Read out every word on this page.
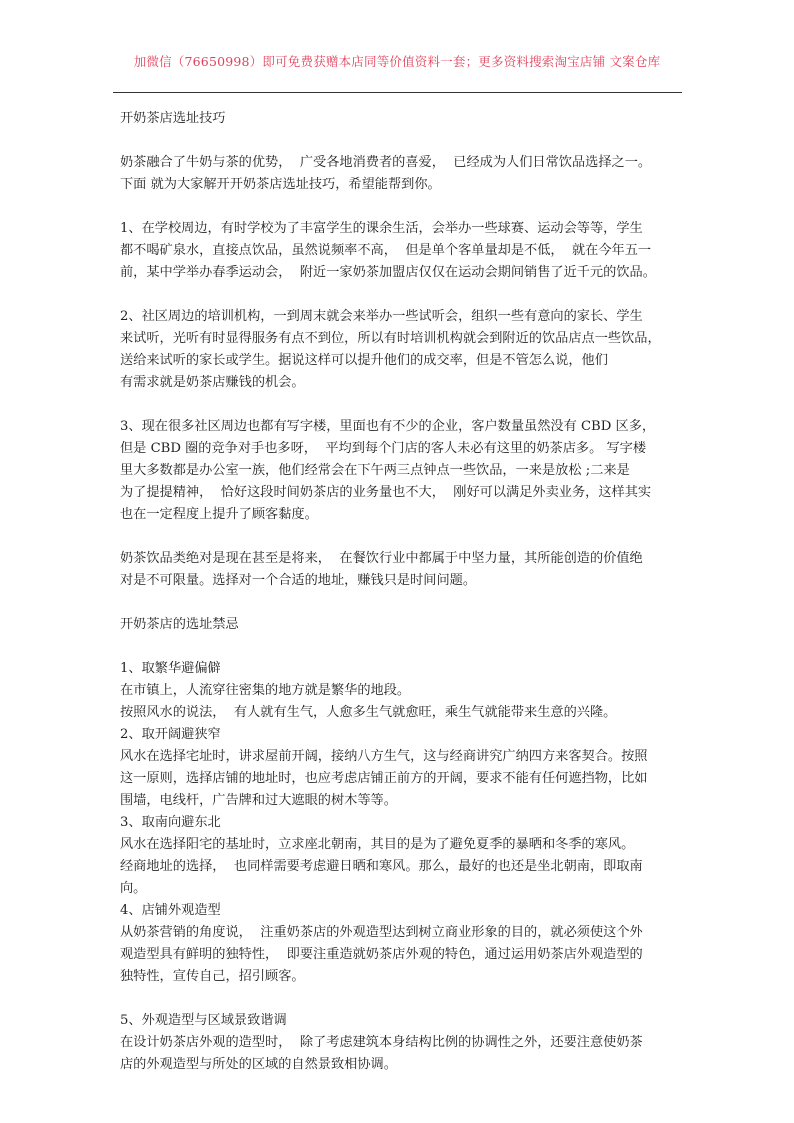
加微信（76650998）即可免费获赠本店同等价值资料一套；更多资料搜索淘宝店铺 文案仓库

开奶茶店选址技巧

奶茶融合了牛奶与茶的优势，  广受各地消费者的喜爱，  已经成为人们日常饮品选择之一。

下面 就为大家解开开奶茶店选址技巧，希望能帮到你。

1、在学校周边，有时学校为了丰富学生的课余生活，会举办一些球赛、运动会等等，学生

都不喝矿泉水，直接点饮品，虽然说频率不高，  但是单个客单量却是不低，  就在今年五一

前，某中学举办春季运动会，  附近一家奶茶加盟店仅仅在运动会期间销售了近千元的饮品。

2、社区周边的培训机构，一到周末就会来举办一些试听会，组织一些有意向的家长、学生

来试听，光听有时显得服务有点不到位，所以有时培训机构就会到附近的饮品店点一些饮品，

送给来试听的家长或学生。据说这样可以提升他们的成交率，但是不管怎么说，他们

有需求就是奶茶店赚钱的机会。

3、现在很多社区周边也都有写字楼，里面也有不少的企业，客户数量虽然没有 CBD 区多，

但是 CBD 圈的竞争对手也多呀，  平均到每个门店的客人未必有这里的奶茶店多。 写字楼

里大多数都是办公室一族，他们经常会在下午两三点钟点一些饮品，一来是放松 ;二来是

为了提提精神，  恰好这段时间奶茶店的业务量也不大，  刚好可以满足外卖业务，这样其实

也在一定程度上提升了顾客黏度。

奶茶饮品类绝对是现在甚至是将来，  在餐饮行业中都属于中坚力量，其所能创造的价值绝

对是不可限量。选择对一个合适的地址，赚钱只是时间问题。

开奶茶店的选址禁忌

1、取繁华避偏僻

在市镇上，人流穿往密集的地方就是繁华的地段。

按照风水的说法，  有人就有生气，人愈多生气就愈旺，乘生气就能带来生意的兴隆。

2、取开阔避狭窄

风水在选择宅址时，讲求屋前开阔，接纳八方生气，这与经商讲究广纳四方来客契合。按照

这一原则，选择店铺的地址时，也应考虑店铺正前方的开阔，要求不能有任何遮挡物，比如

围墙，电线杆，广告牌和过大遮眼的树木等等。

3、取南向避东北

风水在选择阳宅的基址时，立求座北朝南，其目的是为了避免夏季的暴晒和冬季的寒风。

经商地址的选择，  也同样需要考虑避日晒和寒风。那么，最好的也还是坐北朝南，即取南

向。

4、店铺外观造型

从奶茶营销的角度说，  注重奶茶店的外观造型达到树立商业形象的目的，就必须使这个外

观造型具有鲜明的独特性，  即要注重造就奶茶店外观的特色，通过运用奶茶店外观造型的

独特性，宣传自己，招引顾客。

5、外观造型与区域景致谐调

在设计奶茶店外观的造型时，  除了考虑建筑本身结构比例的协调性之外，还要注意使奶茶

店的外观造型与所处的区域的自然景致相协调。
